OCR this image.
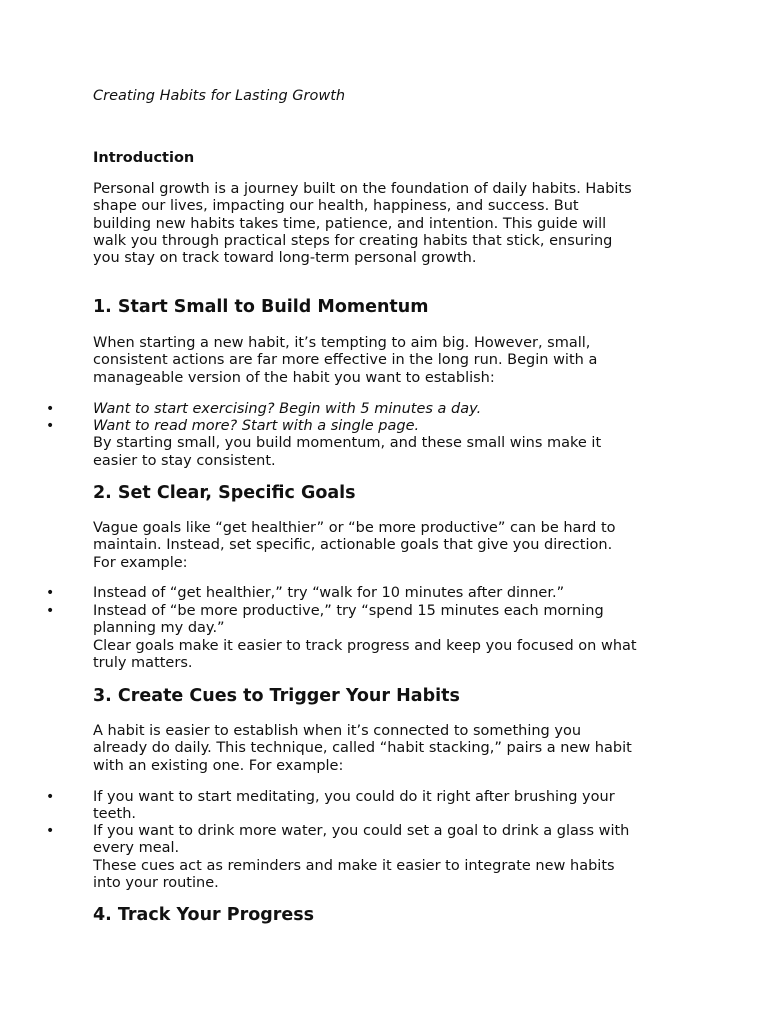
Creating Habits for Lasting Growth
Introduction
Personal growth is a journey built on the foundation of daily habits. Habits
shape our lives, impacting our health, happiness, and success. But
building new habits takes time, patience, and intention. This guide will
walk you through practical steps for creating habits that stick, ensuring
you stay on track toward long-term personal growth.
1. Start Small to Build Momentum
When starting a new habit, it’s tempting to aim big. However, small,
consistent actions are far more effective in the long run. Begin with a
manageable version of the habit you want to establish:
•	Want to start exercising? Begin with 5 minutes a day.
•	Want to read more? Start with a single page.
By starting small, you build momentum, and these small wins make it
easier to stay consistent.
2. Set Clear, Specific Goals
Vague goals like “get healthier” or “be more productive” can be hard to
maintain. Instead, set specific, actionable goals that give you direction.
For example:
•	Instead of “get healthier,” try “walk for 10 minutes after dinner.”
•	Instead of “be more productive,” try “spend 15 minutes each morning
planning my day.”
Clear goals make it easier to track progress and keep you focused on what
truly matters.
3. Create Cues to Trigger Your Habits
A habit is easier to establish when it’s connected to something you
already do daily. This technique, called “habit stacking,” pairs a new habit
with an existing one. For example:
•	If you want to start meditating, you could do it right after brushing your
teeth.
•	If you want to drink more water, you could set a goal to drink a glass with
every meal.
These cues act as reminders and make it easier to integrate new habits
into your routine.
4. Track Your Progress
